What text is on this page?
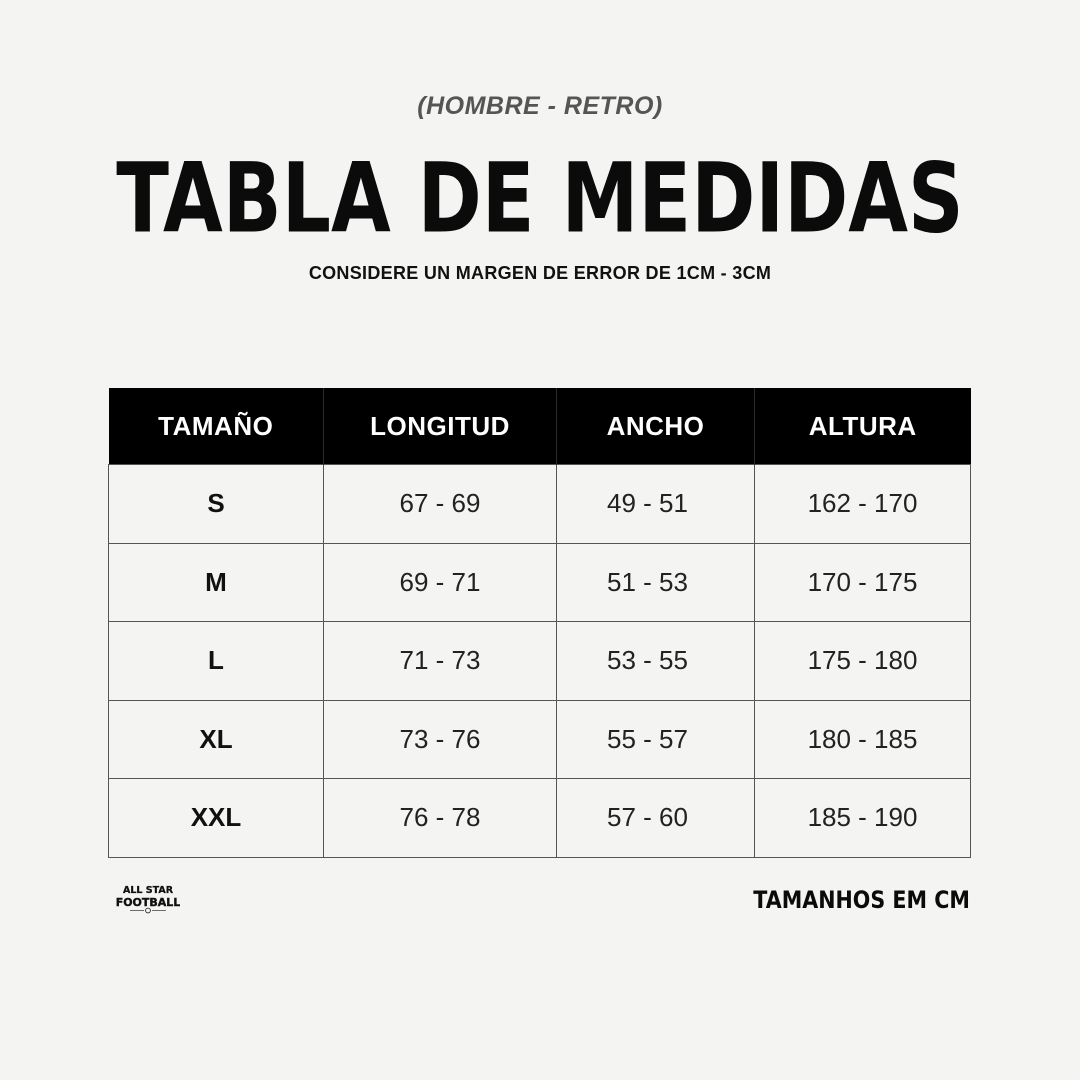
(HOMBRE - RETRO)
TABLA DE MEDIDAS
CONSIDERE UN MARGEN DE ERROR DE 1CM - 3CM
TAMAÑO	LONGITUD	ANCHO	ALTURA
S	67 - 69	49 - 51	162 - 170
M	69 - 71	51 - 53	170 - 175
L	71 - 73	53 - 55	175 - 180
XL	73 - 76	55 - 57	180 - 185
XXL	76 - 78	57 - 60	185 - 190
ALL STAR
FOOTBALL	TAMANHOS EM CM
